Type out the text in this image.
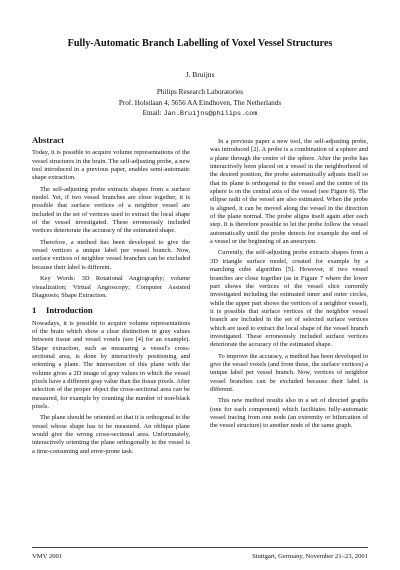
Fully-Automatic Branch Labelling of Voxel Vessel Structures
J. Bruijns
Philips Research Laboratories
Prof. Holstlaan 4, 5656 AA Eindhoven, The Netherlands
Email: Jan.Bruijns@philips.com
Abstract

Today, it is possible to acquire volume representations of the vessel structures in the brain. The self-adjusting probe, a new tool introduced in a previous paper, enables semi-automatic shape extraction.

The self-adjusting probe extracts shapes from a surface model. Yet, if two vessel branches are close together, it is possible that surface vertices of a neighbor vessel are included in the set of vertices used to extract the local shape of the vessel investigated. These erroneously included vertices deteriorate the accuracy of the estimated shape.

Therefore, a method has been developed to give the vessel vertices a unique label per vessel branch. Now, surface vertices of neighbor vessel branches can be excluded because their label is different.

Key Words: 3D Rotational Angiography; volume visualization; Virtual Angioscopy; Computer Assisted Diagnosis; Shape Extraction.

1 Introduction

Nowadays, it is possible to acquire volume representations of the brain which show a clear distinction in gray values between tissue and vessel voxels (see [4] for an example). Shape extraction, such as measuring a vessel's cross-sectional area, is done by interactively positioning and orienting a plane. The intersection of this plane with the volume gives a 2D image of gray values in which the vessel pixels have a different gray value than the tissue pixels. After selection of the proper object the cross-sectional area can be measured, for example by counting the number of non-black pixels.

The plane should be oriented so that it is orthogonal to the vessel whose shape has to be measured. An oblique plane would give the wrong cross-sectional area. Unfortunately, interactively orienting the plane orthogonally to the vessel is a time-consuming and error-prone task.

In a previous paper a new tool, the self-adjusting probe, was introduced [2]. A probe is a combination of a sphere and a plane through the centre of the sphere. After the probe has interactively been placed on a vessel in the neighborhood of the desired position, the probe automatically adjusts itself so that its plane is orthogonal to the vessel and the centre of its sphere is on the central axis of the vessel (see Figure 6). The ellipse radii of the vessel are also estimated. When the probe is aligned, it can be moved along the vessel in the direction of the plane normal. The probe aligns itself again after each step. It is therefore possible to let the probe follow the vessel automatically until the probe detects for example the end of a vessel or the beginning of an aneurysm.

Currently, the self-adjusting probe extracts shapes from a 3D triangle surface model, created for example by a marching cube algorithm [5]. However, if two vessel branches are close together (as in Figure 7 where the lower part shows the vertices of the vessel slice currently investigated including the estimated inner and outer circles, while the upper part shows the vertices of a neighbor vessel), it is possible that surface vertices of the neighbor vessel branch are included in the set of selected surface vertices which are used to extract the local shape of the vessel branch investigated. These erroneously included surface vertices deteriorate the accuracy of the estimated shape.

To improve the accuracy, a method has been developed to give the vessel voxels (and from these, the surface vertices) a unique label per vessel branch. Now, vertices of neighbor vessel branches can be excluded because their label is different.

This new method results also in a set of directed graphs (one for each component) which facilitates fully-automatic vessel tracing from one node (an extremity or bifurcation of the vessel structure) to another node of the same graph.

VMV 2001	Stuttgart, Germany, November 21–23, 2001
